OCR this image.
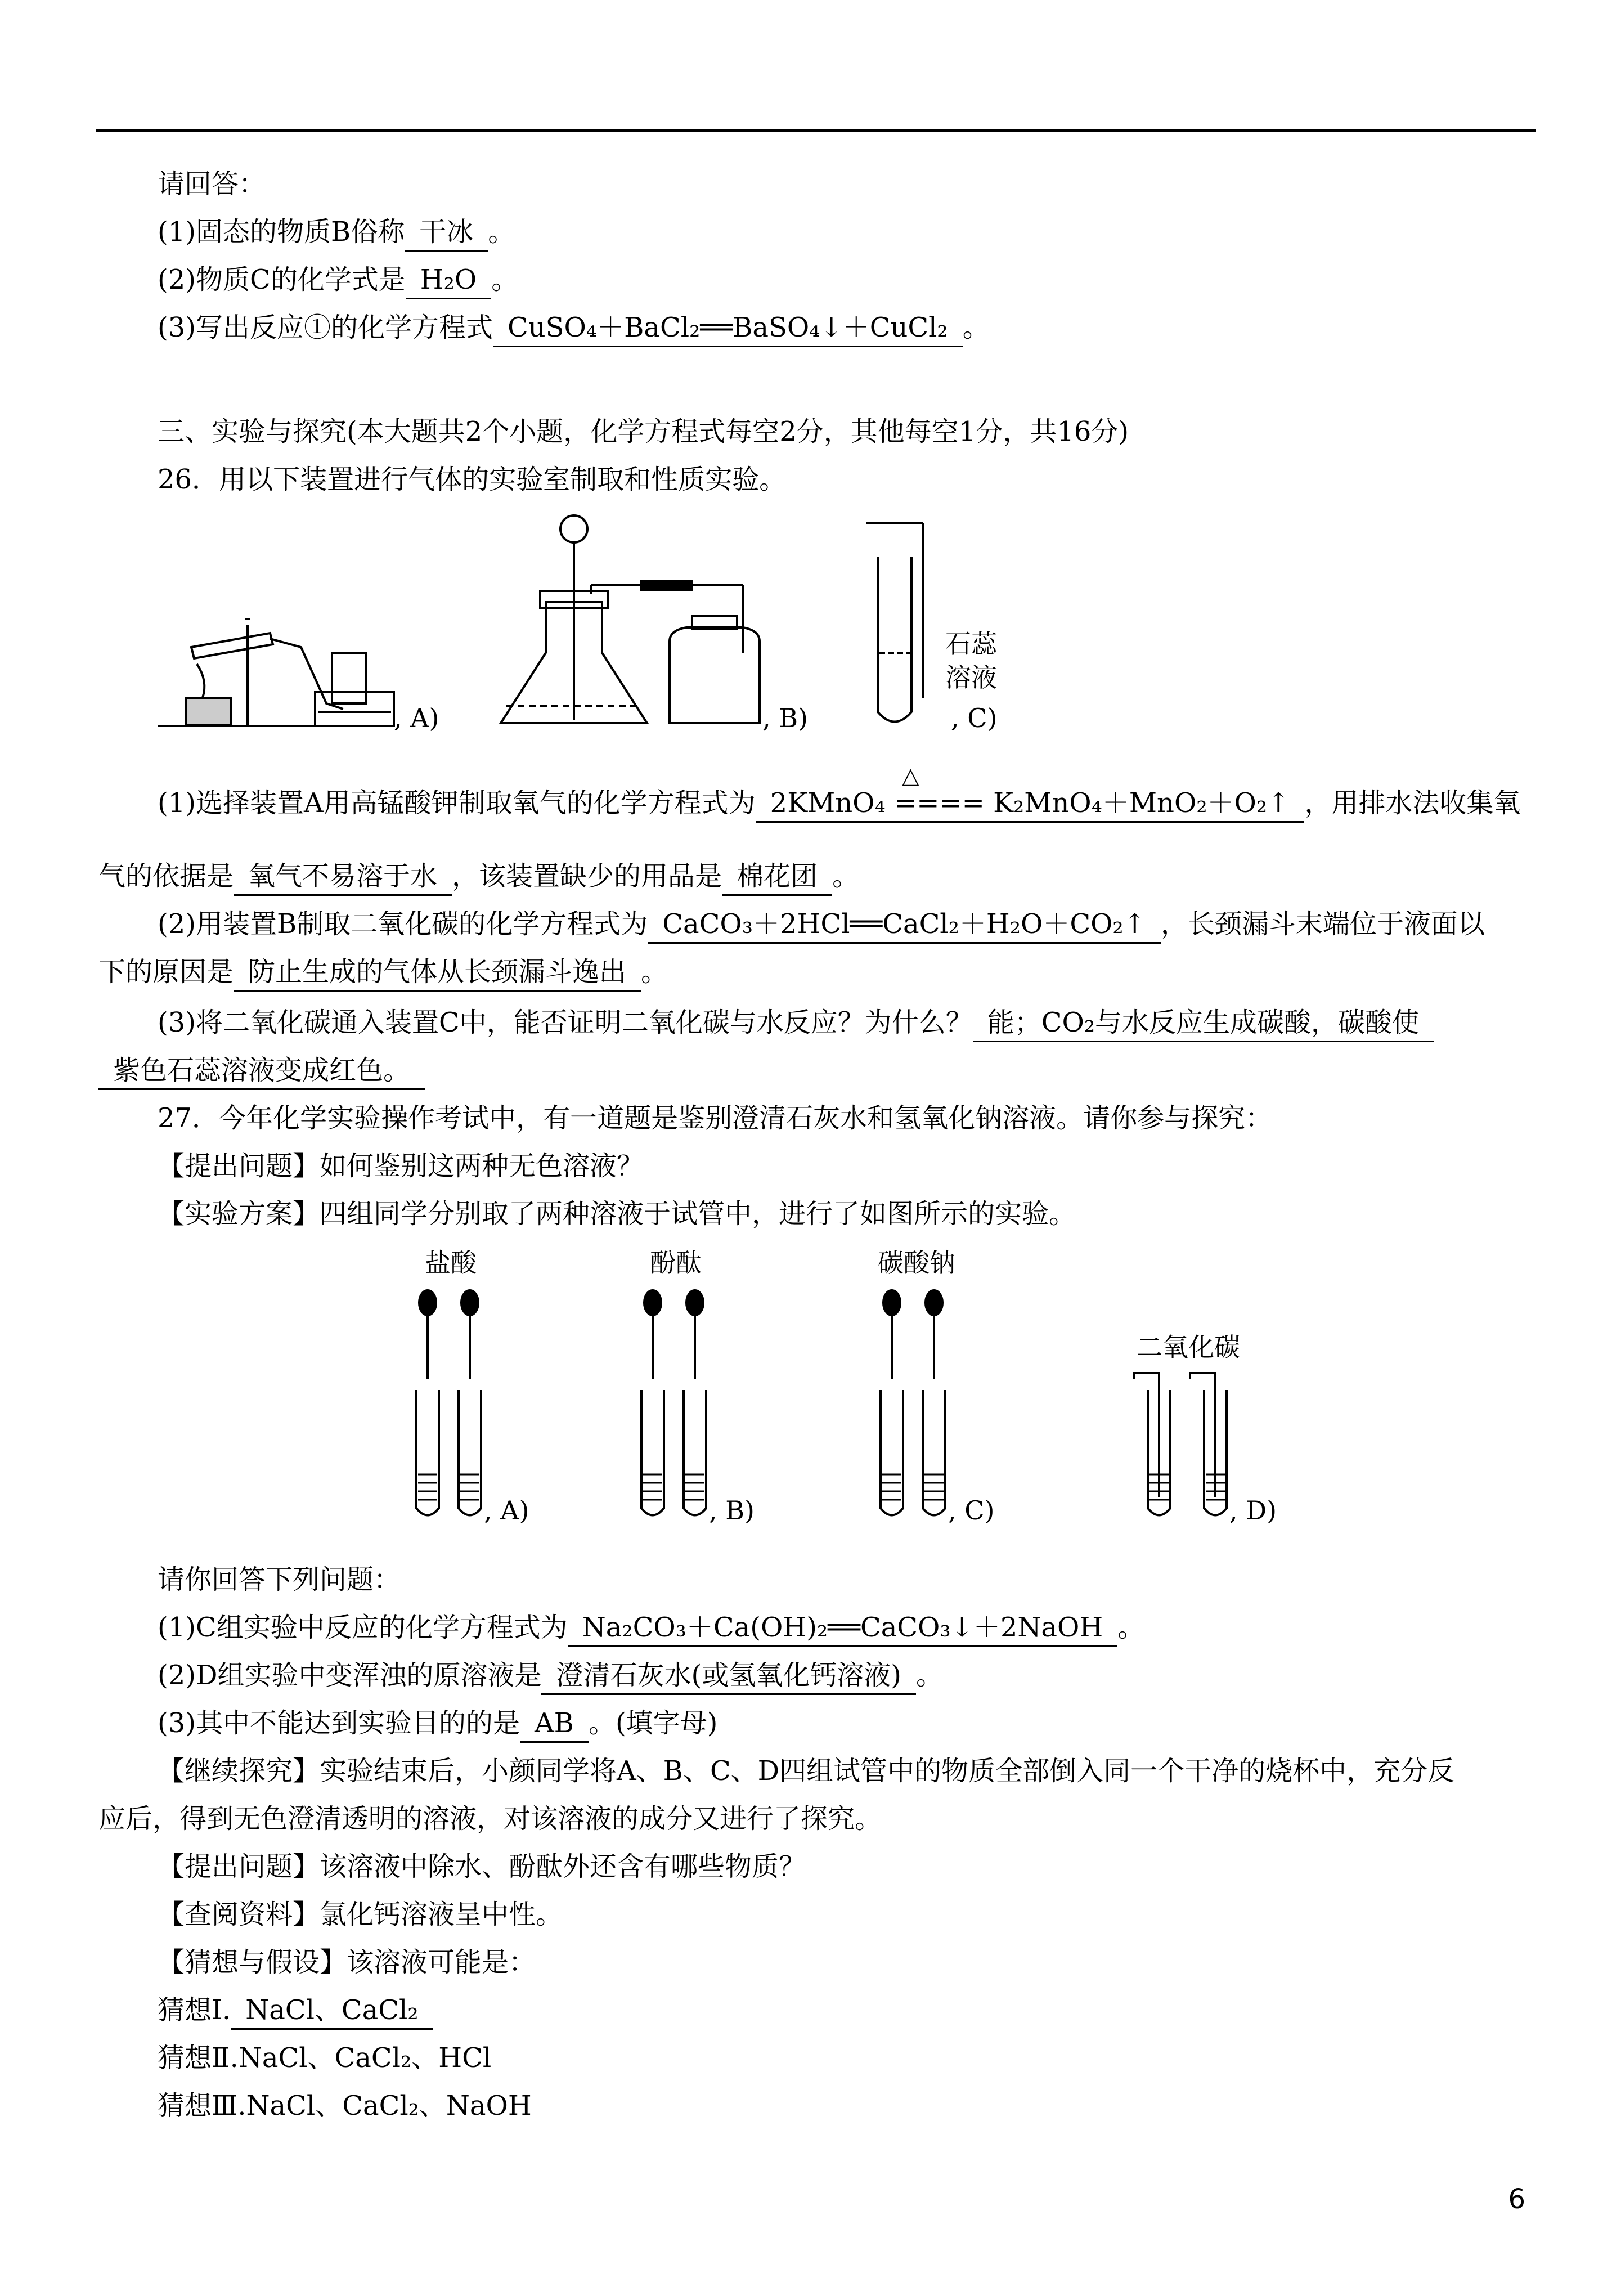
请回答：
(1)固态的物质B俗称 干冰 。
(2)物质C的化学式是 H₂O 。
(3)写出反应①的化学方程式 CuSO₄＋BaCl₂══BaSO₄↓＋CuCl₂ 。
三、实验与探究(本大题共2个小题，化学方程式每空2分，其他每空1分，共16分)
26．用以下装置进行气体的实验室制取和性质实验。
, A)	, B)
石蕊
溶液
, C)
(1)选择装置A用高锰酸钾制取氧气的化学方程式为 2KMnO₄
△
==== K₂MnO₄＋MnO₂＋O₂↑ ，用排水法收集氧
气的依据是 氧气不易溶于水 ，该装置缺少的用品是 棉花团 。
(2)用装置B制取二氧化碳的化学方程式为 CaCO₃＋2HCl══CaCl₂＋H₂O＋CO₂↑ ，长颈漏斗末端位于液面以
下的原因是 防止生成的气体从长颈漏斗逸出 。
(3)将二氧化碳通入装置C中，能否证明二氧化碳与水反应？为什么？ 能；CO₂与水反应生成碳酸，碳酸使
紫色石蕊溶液变成红色。
27．今年化学实验操作考试中，有一道题是鉴别澄清石灰水和氢氧化钠溶液。请你参与探究：
【提出问题】如何鉴别这两种无色溶液？
【实验方案】四组同学分别取了两种溶液于试管中，进行了如图所示的实验。
盐酸	酚酞	碳酸钠
二氧化碳
, A)	, B)	, C)	, D)
请你回答下列问题：
(1)C组实验中反应的化学方程式为 Na₂CO₃＋Ca(OH)₂══CaCO₃↓＋2NaOH 。
(2)D组实验中变浑浊的原溶液是 澄清石灰水(或氢氧化钙溶液) 。
(3)其中不能达到实验目的的是 AB 。(填字母)
【继续探究】实验结束后，小颜同学将A、B、C、D四组试管中的物质全部倒入同一个干净的烧杯中，充分反
应后，得到无色澄清透明的溶液，对该溶液的成分又进行了探究。
【提出问题】该溶液中除水、酚酞外还含有哪些物质？
【查阅资料】氯化钙溶液呈中性。
【猜想与假设】该溶液可能是：
猜想Ⅰ. NaCl、CaCl₂
猜想Ⅱ.NaCl、CaCl₂、HCl
猜想Ⅲ.NaCl、CaCl₂、NaOH
6
